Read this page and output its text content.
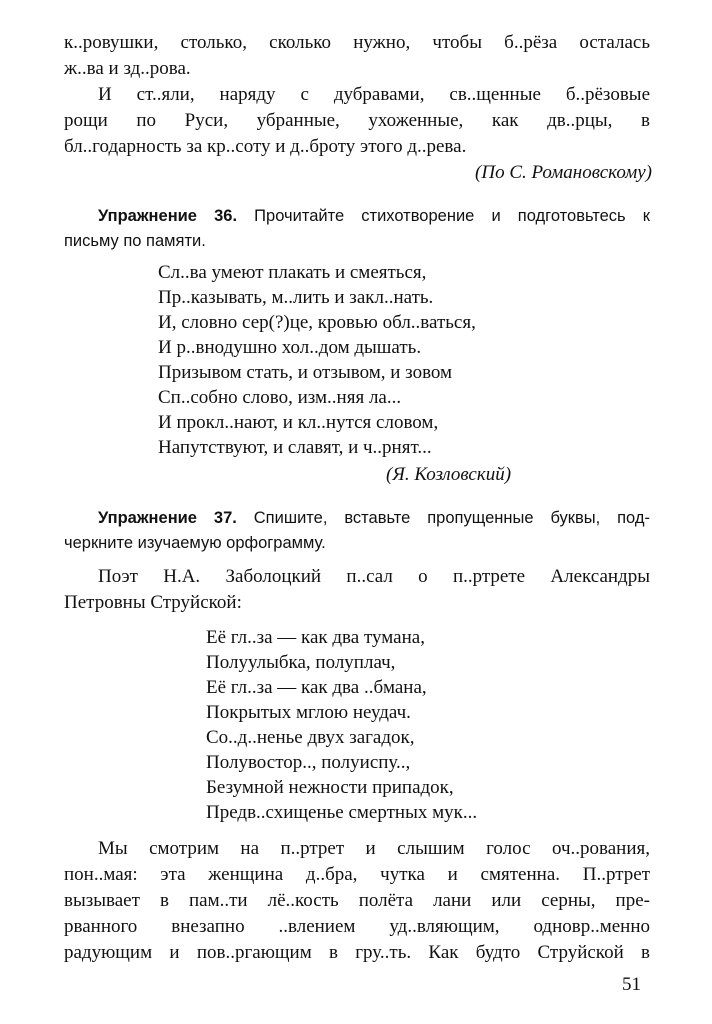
к..ровушки, столько, сколько нужно, чтобы б..рёза осталась
ж..ва и зд..рова.
И ст..яли, наряду с дубравами, св..щенные б..рёзовые
рощи по Руси, убранные, ухоженные, как дв..рцы, в
бл..годарность за кр..соту и д..броту этого д..рева.
(По С. Романовскому)
Упражнение 36. Прочитайте стихотворение и подготовьтесь к
письму по памяти.
Сл..ва умеют плакать и смеяться,
Пр..казывать, м..лить и закл..нать.
И, словно сер(?)це, кровью обл..ваться,
И р..внодушно хол..дом дышать.
Призывом стать, и отзывом, и зовом
Сп..собно слово, изм..няя ла...
И прокл..нают, и кл..нутся словом,
Напутствуют, и славят, и ч..рнят...
(Я. Козловский)
Упражнение 37. Спишите, вставьте пропущенные буквы, под-
черкните изучаемую орфограмму.
Поэт Н.А. Заболоцкий п..сал о п..ртрете Александры
Петровны Струйской:
Её гл..за — как два тумана,
Полуулыбка, полуплач,
Её гл..за — как два ..бмана,
Покрытых мглою неудач.
Со..д..ненье двух загадок,
Полувостор.., полуиспу..,
Безумной нежности припадок,
Предв..схищенье смертных мук...
Мы смотрим на п..ртрет и слышим голос оч..рования,
пон..мая: эта женщина д..бра, чутка и смятенна. П..ртрет
вызывает в пам..ти лё..кость полёта лани или серны, пре-
рванного внезапно ..влением уд..вляющим, одновр..менно
радующим и пов..ргающим в гру..ть. Как будто Струйской в
51
